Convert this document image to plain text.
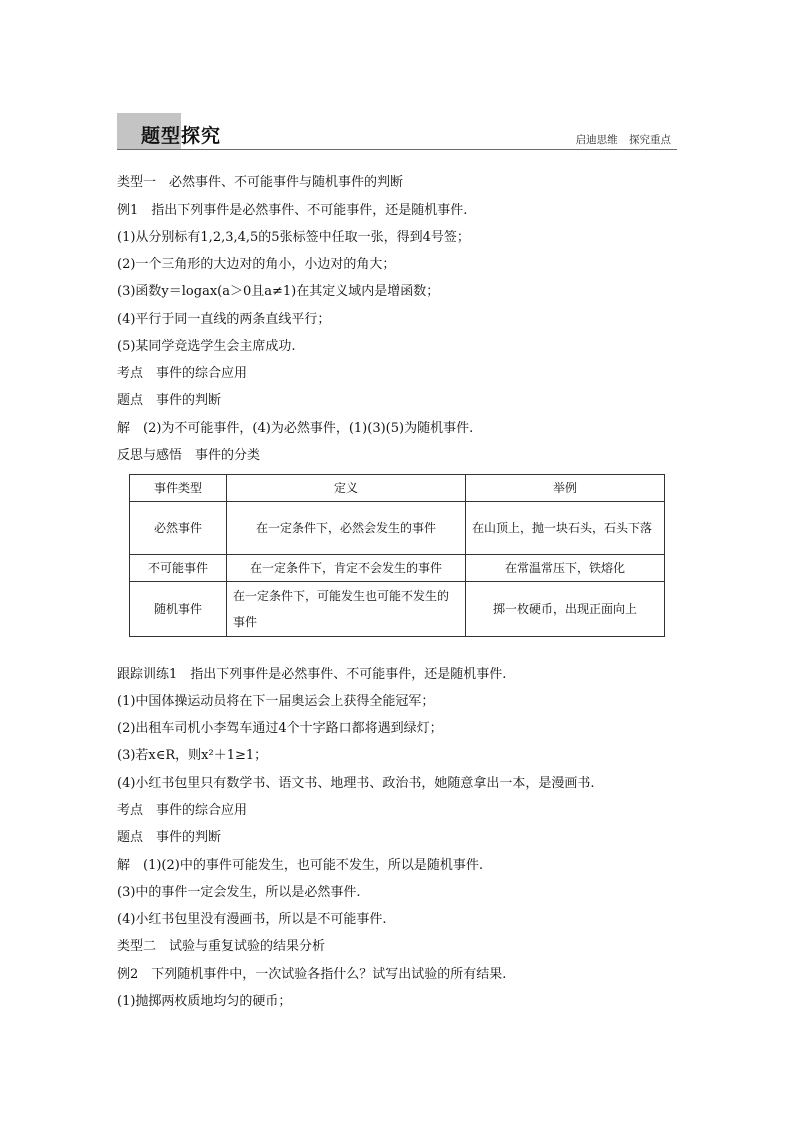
题型探究	启迪思维 探究重点
类型一　必然事件、不可能事件与随机事件的判断
例1　指出下列事件是必然事件、不可能事件，还是随机事件.
(1)从分别标有1,2,3,4,5的5张标签中任取一张，得到4号签；
(2)一个三角形的大边对的角小，小边对的角大；
(3)函数y＝logax(a＞0且a≠1)在其定义域内是增函数；
(4)平行于同一直线的两条直线平行；
(5)某同学竞选学生会主席成功.
考点　事件的综合应用
题点　事件的判断
解　(2)为不可能事件，(4)为必然事件，(1)(3)(5)为随机事件.
反思与感悟　事件的分类
事件类型	定义	举例
必然事件	在一定条件下，必然会发生的事件	在山顶上，抛一块石头，石头下落
不可能事件	在一定条件下，肯定不会发生的事件	在常温常压下，铁熔化
随机事件	在一定条件下，可能发生也可能不发生的事件	掷一枚硬币，出现正面向上
跟踪训练1　指出下列事件是必然事件、不可能事件，还是随机事件.
(1)中国体操运动员将在下一届奥运会上获得全能冠军；
(2)出租车司机小李驾车通过4个十字路口都将遇到绿灯；
(3)若x∈R，则x²＋1≥1；
(4)小红书包里只有数学书、语文书、地理书、政治书，她随意拿出一本，是漫画书.
考点　事件的综合应用
题点　事件的判断
解　(1)(2)中的事件可能发生，也可能不发生，所以是随机事件.
(3)中的事件一定会发生，所以是必然事件.
(4)小红书包里没有漫画书，所以是不可能事件.
类型二　试验与重复试验的结果分析
例2　下列随机事件中，一次试验各指什么？试写出试验的所有结果.
(1)抛掷两枚质地均匀的硬币；
